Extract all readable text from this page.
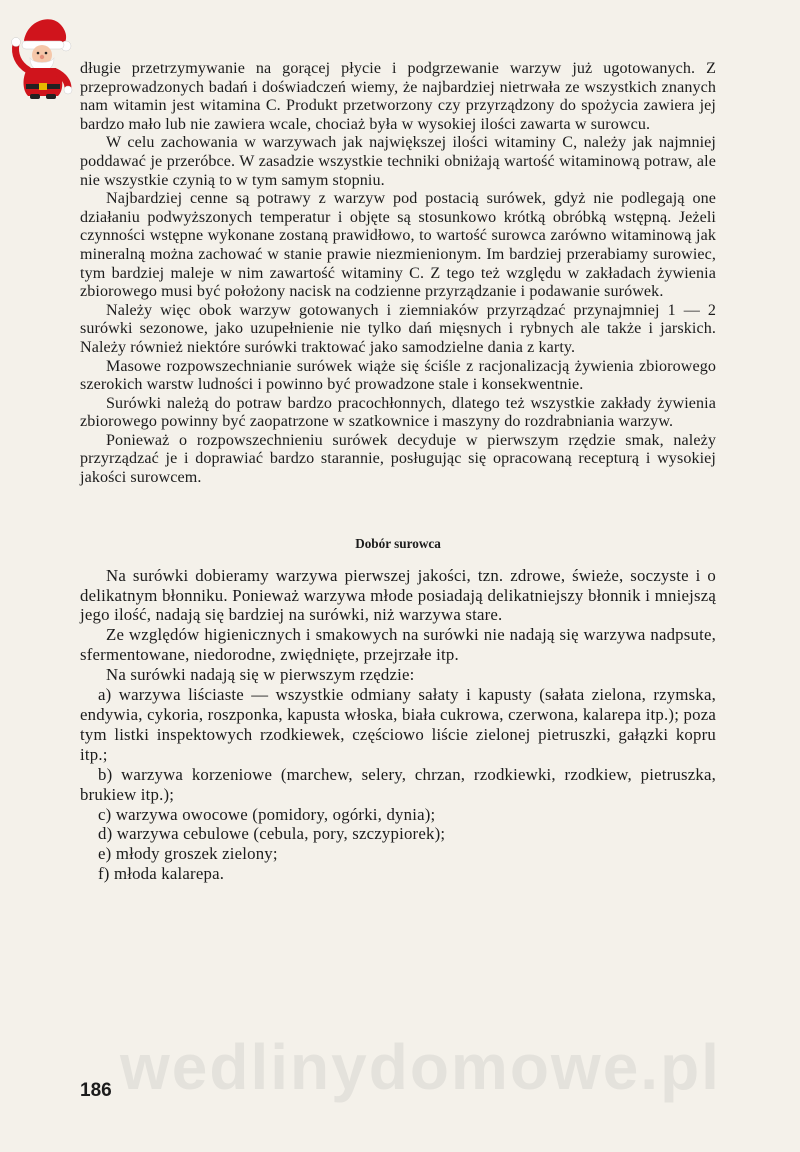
wedlinydomowe.pl

długie przetrzymywanie na gorącej płycie i podgrzewanie warzyw już ugotowanych. Z przeprowadzonych badań i doświadczeń wiemy, że najbardziej nietrwała ze wszystkich znanych nam witamin jest witamina C. Produkt przetworzony czy przyrządzony do spożycia zawiera jej bardzo mało lub nie zawiera wcale, chociaż była w wysokiej ilości zawarta w surowcu.

W celu zachowania w warzywach jak największej ilości witaminy C, należy jak najmniej poddawać je przeróbce. W zasadzie wszystkie techniki obniżają wartość witaminową potraw, ale nie wszystkie czynią to w tym samym stopniu.

Najbardziej cenne są potrawy z warzyw pod postacią surówek, gdyż nie podlegają one działaniu podwyższonych temperatur i objęte są stosunkowo krótką obróbką wstępną. Jeżeli czynności wstępne wykonane zostaną prawidłowo, to wartość surowca zarówno witaminową jak mineralną można zachować w stanie prawie niezmienionym. Im bardziej przerabiamy surowiec, tym bardziej maleje w nim zawartość witaminy C. Z tego też względu w zakładach żywienia zbiorowego musi być położony nacisk na codzienne przyrządzanie i podawanie surówek.

Należy więc obok warzyw gotowanych i ziemniaków przyrządzać przynajmniej 1 — 2 surówki sezonowe, jako uzupełnienie nie tylko dań mięsnych i rybnych ale także i jarskich. Należy również niektóre surówki traktować jako samodzielne dania z karty.

Masowe rozpowszechnianie surówek wiąże się ściśle z racjonalizacją żywienia zbiorowego szerokich warstw ludności i powinno być prowadzone stale i konsekwentnie.

Surówki należą do potraw bardzo pracochłonnych, dlatego też wszystkie zakłady żywienia zbiorowego powinny być zaopatrzone w szatkownice i maszyny do rozdrabniania warzyw.

Ponieważ o rozpowszechnieniu surówek decyduje w pierwszym rzędzie smak, należy przyrządzać je i doprawiać bardzo starannie, posługując się opracowaną recepturą i wysokiej jakości surowcem.

Dobór surowca

Na surówki dobieramy warzywa pierwszej jakości, tzn. zdrowe, świeże, soczyste i o delikatnym błonniku. Ponieważ warzywa młode posiadają delikatniejszy błonnik i mniejszą jego ilość, nadają się bardziej na surówki, niż warzywa stare.

Ze względów higienicznych i smakowych na surówki nie nadają się warzywa nadpsute, sfermentowane, niedorodne, zwiędnięte, przejrzałe itp.

Na surówki nadają się w pierwszym rzędzie:

a) warzywa liściaste — wszystkie odmiany sałaty i kapusty (sałata zielona, rzymska, endywia, cykoria, roszponka, kapusta włoska, biała cukrowa, czerwona, kalarepa itp.); poza tym listki inspektowych rzodkiewek, częściowo liście zielonej pietruszki, gałązki kopru itp.;

b) warzywa korzeniowe (marchew, selery, chrzan, rzodkiewki, rzodkiew, pietruszka, brukiew itp.);

c) warzywa owocowe (pomidory, ogórki, dynia);

d) warzywa cebulowe (cebula, pory, szczypiorek);

e) młody groszek zielony;

f) młoda kalarepa.

186
